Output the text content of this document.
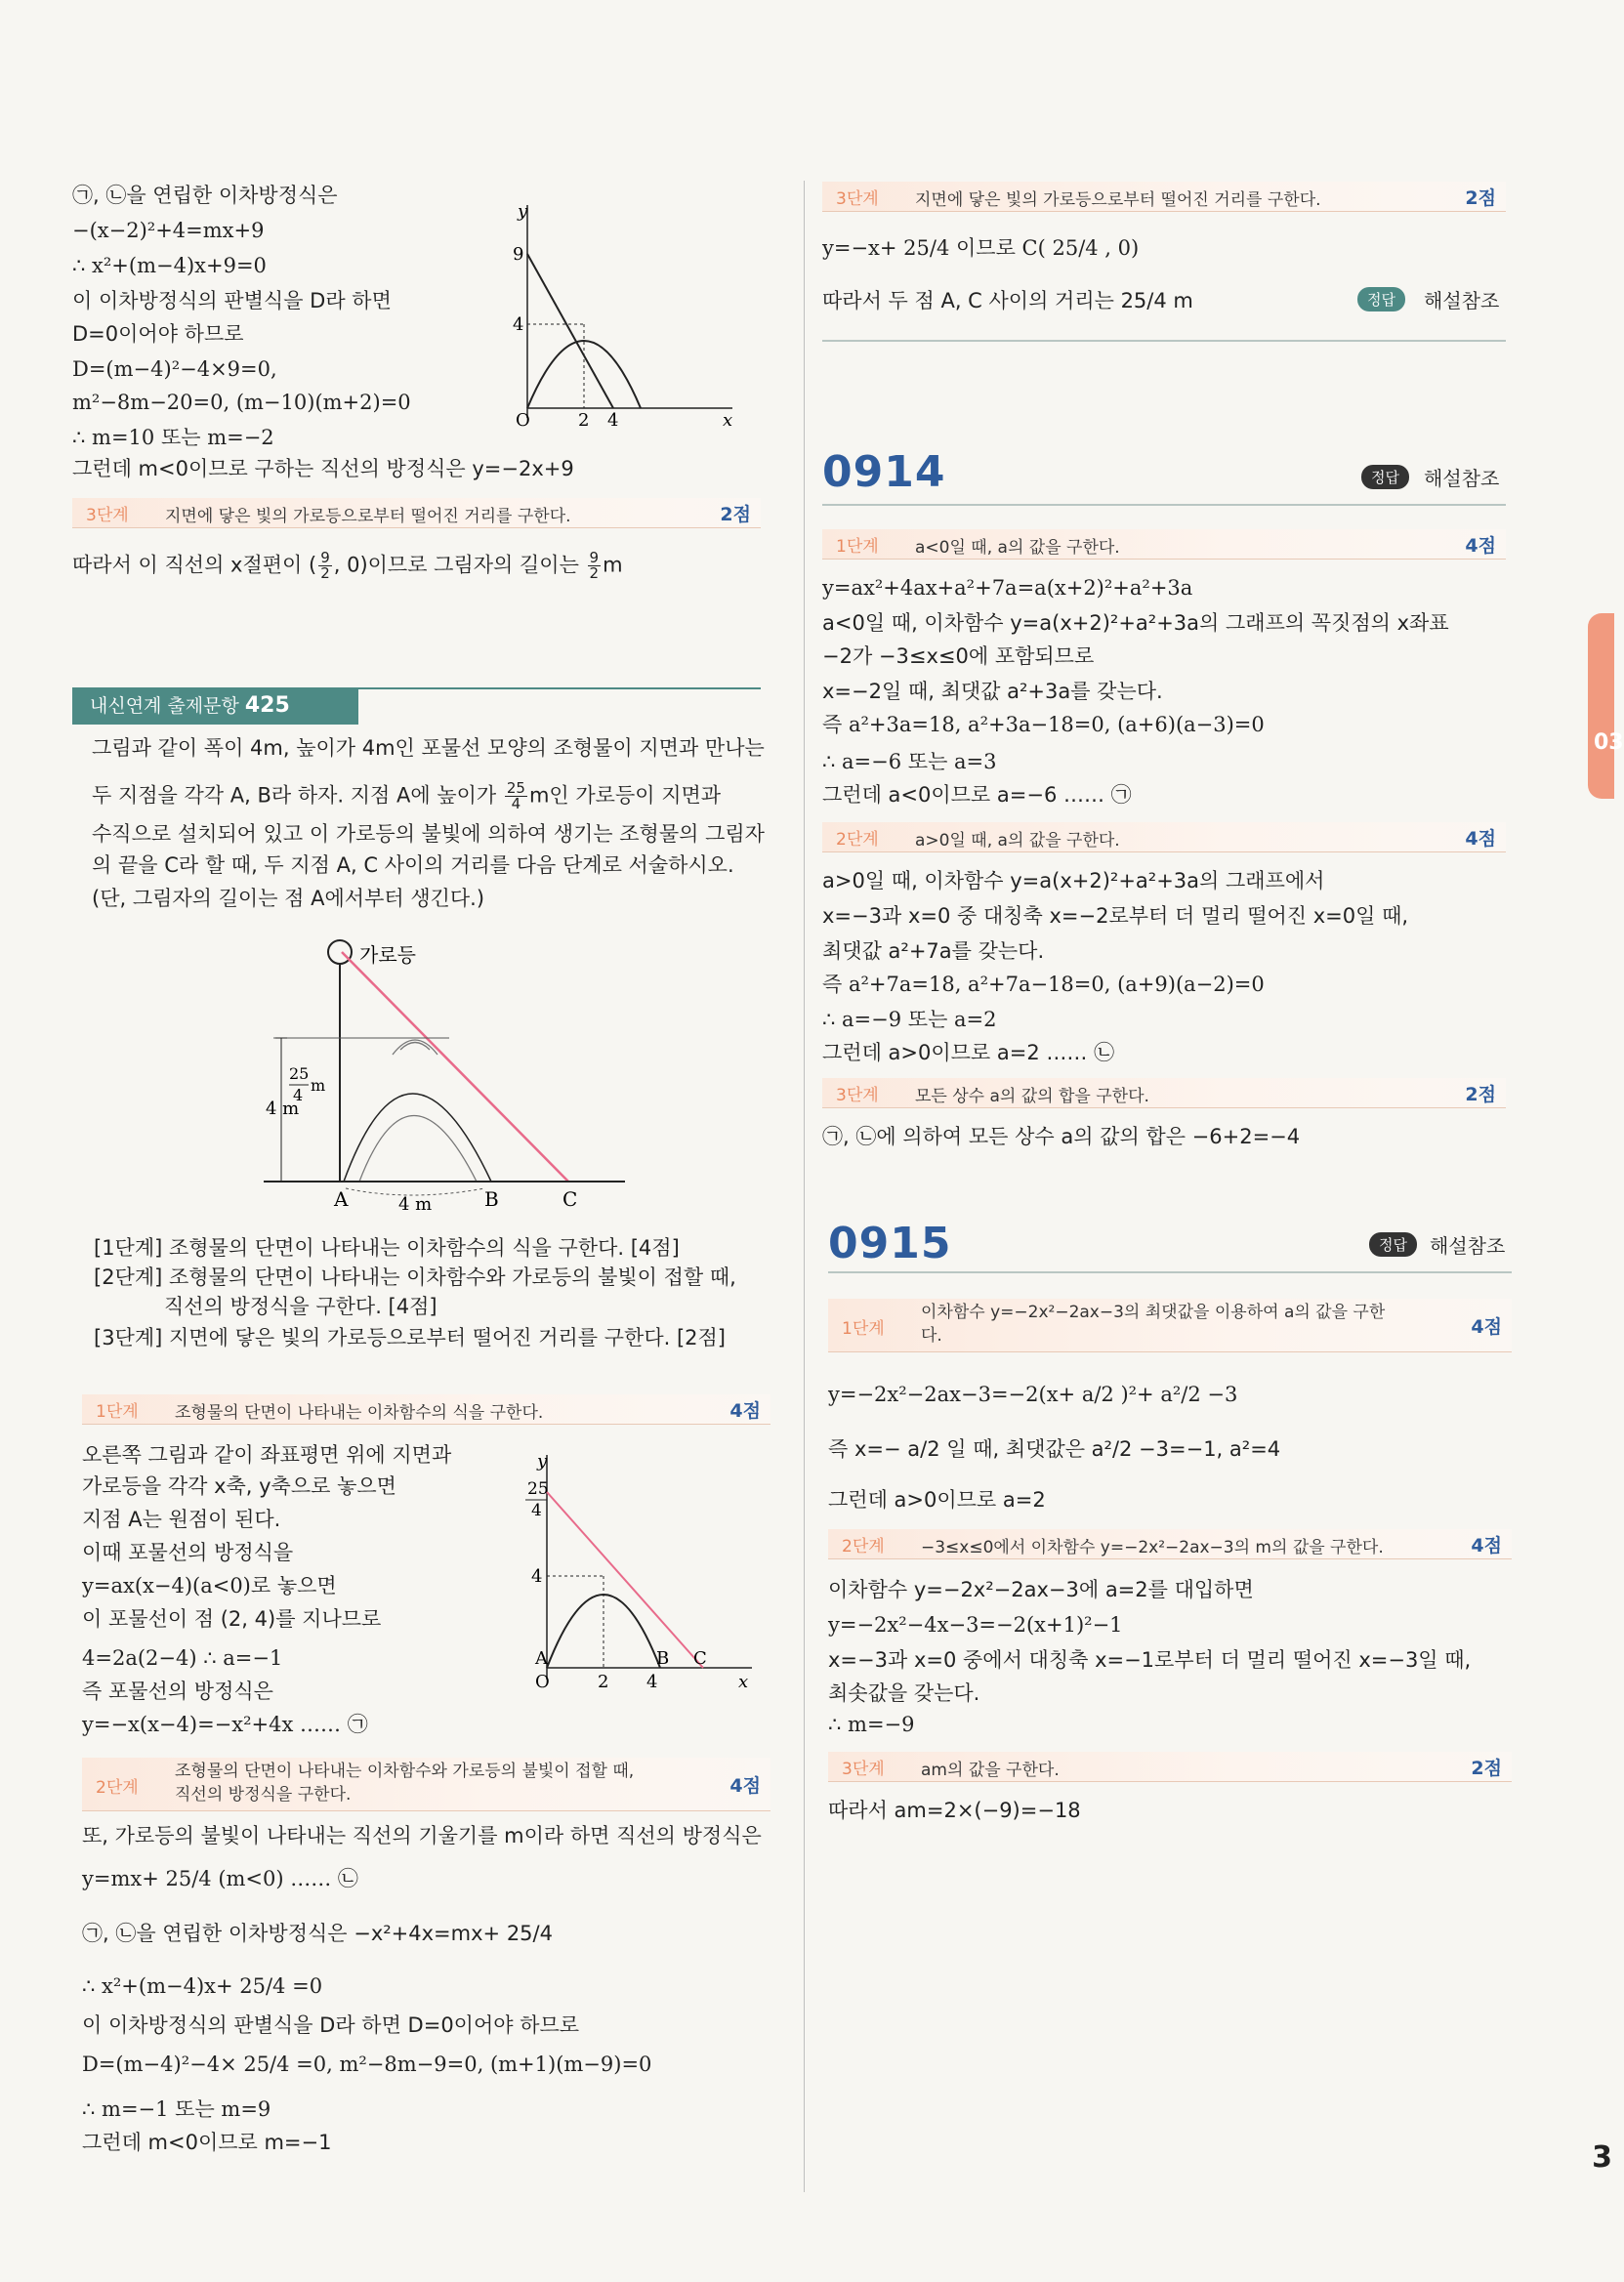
㉠, ㉡을 연립한 이차방정식은
−(x−2)²+4=mx+9
∴ x²+(m−4)x+9=0
이 이차방정식의 판별식을 D라 하면
D=0이어야 하므로
D=(m−4)²−4×9=0,
m²−8m−20=0, (m−10)(m+2)=0
∴ m=10 또는 m=−2
그런데 m<0이므로 구하는 직선의 방정식은 y=−2x+9
y
x
O	2 4
9
4
3단계 지면에 닿은 빛의 가로등으로부터 떨어진 거리를 구한다.	2점
따라서 이 직선의 x절편이 ( $\frac{9}{2}$ , 0)이므로 그림자의 길이는 $\frac{9}{2}$ m
내신연계 출제문항 425
그림과 같이 폭이 4m, 높이가 4m인 포물선 모양의 조형물이 지면과 만나는
두 지점을 각각 A, B라 하자. 지점 A에 높이가 $\frac{25}{4}$ m인 가로등이 지면과
수직으로 설치되어 있고 이 가로등의 불빛에 의하여 생기는 조형물의 그림자
의 끝을 C라 할 때, 두 지점 A, C 사이의 거리를 다음 단계로 서술하시오.
(단, 그림자의 길이는 점 A에서부터 생긴다.)
가로등
25
4
m
4 m
A	B	C
4 m
[1단계] 조형물의 단면이 나타내는 이차함수의 식을 구한다. [4점]
[2단계] 조형물의 단면이 나타내는 이차함수와 가로등의 불빛이 접할 때,
직선의 방정식을 구한다. [4점]
[3단계] 지면에 닿은 빛의 가로등으로부터 떨어진 거리를 구한다. [2점]
1단계 조형물의 단면이 나타내는 이차함수의 식을 구한다.	4점
오른쪽 그림과 같이 좌표평면 위에 지면과
가로등을 각각 x축, y축으로 놓으면
지점 A는 원점이 된다.
이때 포물선의 방정식을
y=ax(x−4)(a<0)로 놓으면
이 포물선이 점 (2, 4)를 지나므로
4=2a(2−4) ∴ a=−1
즉 포물선의 방정식은
y=−x(x−4)=−x²+4x …… ㉠
y
x
O
25
4
4
2 4
A	B C
2단계
조형물의 단면이 나타내는 이차함수와 가로등의 불빛이 접할 때, 직선의 방정식을 구한다.	4점
또, 가로등의 불빛이 나타내는 직선의 기울기를 m이라 하면 직선의 방정식은
y=mx+ 25/4 (m<0) …… ㉡
㉠, ㉡을 연립한 이차방정식은 −x²+4x=mx+ 25/4
∴ x²+(m−4)x+ 25/4 =0
이 이차방정식의 판별식을 D라 하면 D=0이어야 하므로
D=(m−4)²−4× 25/4 =0, m²−8m−9=0, (m+1)(m−9)=0
∴ m=−1 또는 m=9
그런데 m<0이므로 m=−1
3단계 지면에 닿은 빛의 가로등으로부터 떨어진 거리를 구한다.	2점
y=−x+ 25/4 이므로 C( 25/4 , 0)
따라서 두 점 A, C 사이의 거리는 25/4 m	정답	해설참조
0914	정답	해설참조
1단계 a<0일 때, a의 값을 구한다.	4점
y=ax²+4ax+a²+7a=a(x+2)²+a²+3a
a<0일 때, 이차함수 y=a(x+2)²+a²+3a의 그래프의 꼭짓점의 x좌표
−2가 −3≤x≤0에 포함되므로
x=−2일 때, 최댓값 a²+3a를 갖는다.
즉 a²+3a=18, a²+3a−18=0, (a+6)(a−3)=0
∴ a=−6 또는 a=3
그런데 a<0이므로 a=−6 …… ㉠
2단계 a>0일 때, a의 값을 구한다.	4점
a>0일 때, 이차함수 y=a(x+2)²+a²+3a의 그래프에서
x=−3과 x=0 중 대칭축 x=−2로부터 더 멀리 떨어진 x=0일 때,
최댓값 a²+7a를 갖는다.
즉 a²+7a=18, a²+7a−18=0, (a+9)(a−2)=0
∴ a=−9 또는 a=2
그런데 a>0이므로 a=2 …… ㉡
3단계 모든 상수 a의 값의 합을 구한다.	2점
㉠, ㉡에 의하여 모든 상수 a의 값의 합은 −6+2=−4
0915	정답	해설참조
1단계
이차함수 y=−2x²−2ax−3의 최댓값을 이용하여 a의 값을 구한다.	4점
y=−2x²−2ax−3=−2(x+ a/2 )²+ a²/2 −3
즉 x=− a/2 일 때, 최댓값은 a²/2 −3=−1, a²=4
그런데 a>0이므로 a=2
2단계 −3≤x≤0에서 이차함수 y=−2x²−2ax−3의 m의 값을 구한다.	4점
이차함수 y=−2x²−2ax−3에 a=2를 대입하면
y=−2x²−4x−3=−2(x+1)²−1
x=−3과 x=0 중에서 대칭축 x=−1로부터 더 멀리 떨어진 x=−3일 때,
최솟값을 갖는다.
∴ m=−9
3단계 am의 값을 구한다.	2점
따라서 am=2×(−9)=−18
03
3
